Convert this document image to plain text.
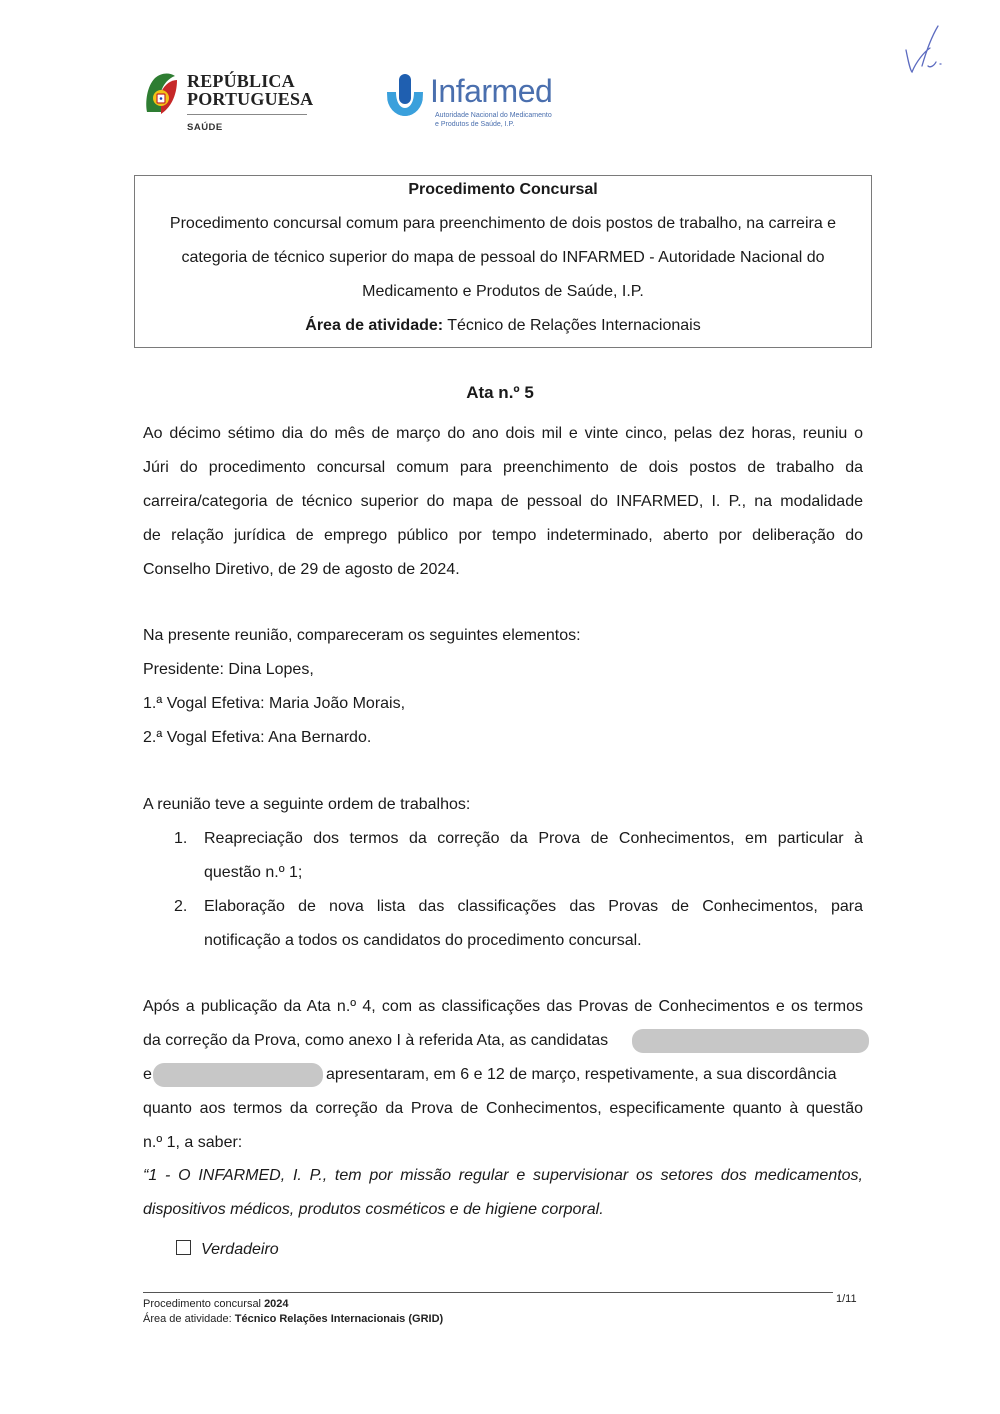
REPÚBLICA
PORTUGUESA
SAÚDE
Infarmed
Autoridade Nacional do Medicamento
e Produtos de Saúde, I.P.
Procedimento Concursal
Procedimento concursal comum para preenchimento de dois postos de trabalho, na carreira e
categoria de técnico superior do mapa de pessoal do INFARMED - Autoridade Nacional do
Medicamento e Produtos de Saúde, I.P.
Área de atividade: Técnico de Relações Internacionais
Ata n.º 5
Ao décimo sétimo dia do mês de março do ano dois mil e vinte cinco, pelas dez horas, reuniu o
Júri do procedimento concursal comum para preenchimento de dois postos de trabalho da
carreira/categoria de técnico superior do mapa de pessoal do INFARMED, I. P., na modalidade
de relação jurídica de emprego público por tempo indeterminado, aberto por deliberação do
Conselho Diretivo, de 29 de agosto de 2024.
Na presente reunião, compareceram os seguintes elementos:
Presidente: Dina Lopes,
1.ª Vogal Efetiva: Maria João Morais,
2.ª Vogal Efetiva: Ana Bernardo.
A reunião teve a seguinte ordem de trabalhos:
1. Reapreciação dos termos da correção da Prova de Conhecimentos, em particular à
questão n.º 1;
2. Elaboração de nova lista das classificações das Provas de Conhecimentos, para
notificação a todos os candidatos do procedimento concursal.
Após a publicação da Ata n.º 4, com as classificações das Provas de Conhecimentos e os termos
da correção da Prova, como anexo I à referida Ata, as candidatas
e	apresentaram, em 6 e 12 de março, respetivamente, a sua discordância
quanto aos termos da correção da Prova de Conhecimentos, especificamente quanto à questão
n.º 1, a saber:
“1 - O INFARMED, I. P., tem por missão regular e supervisionar os setores dos medicamentos,
dispositivos médicos, produtos cosméticos e de higiene corporal.
Verdadeiro
Procedimento concursal 2024
Área de atividade: Técnico Relações Internacionais (GRID)
1/11
